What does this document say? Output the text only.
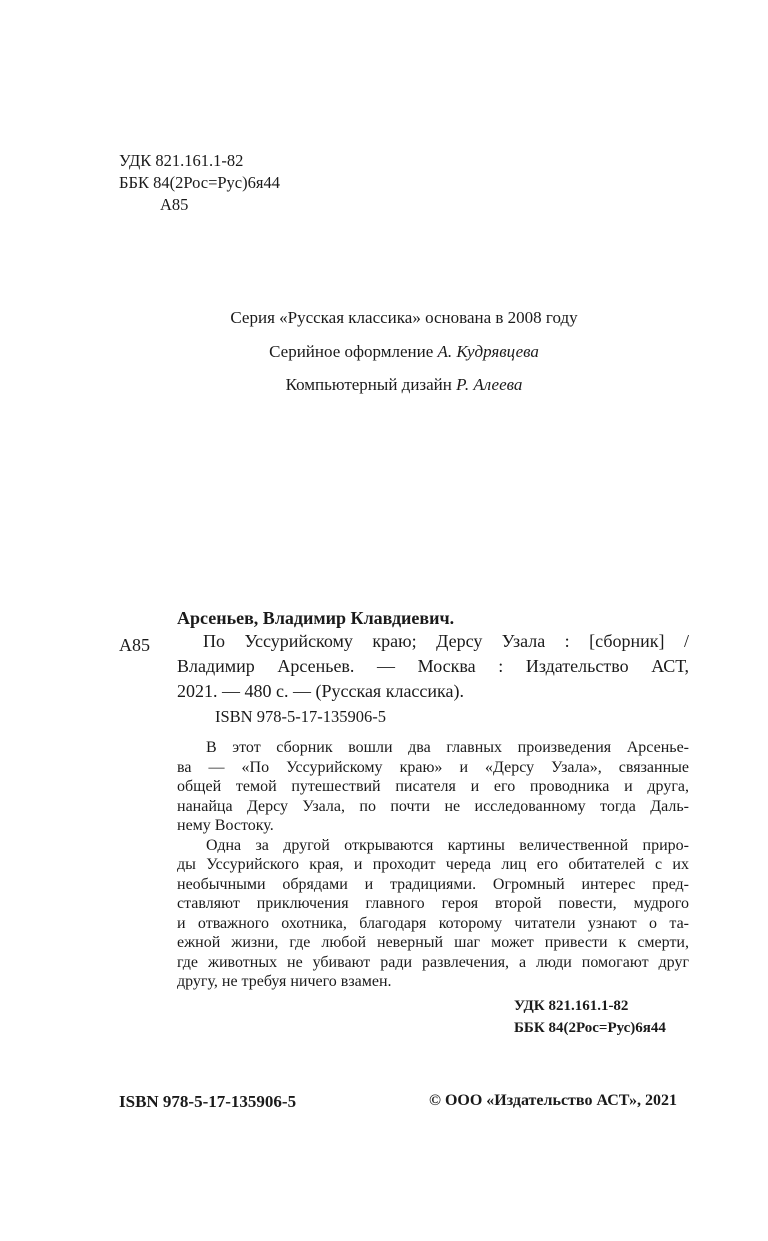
УДК 821.161.1-82
ББК 84(2Рос=Рус)6я44
А85
Серия «Русская классика» основана в 2008 году
Серийное оформление А. Кудрявцева
Компьютерный дизайн Р. Алеева
Арсеньев, Владимир Клавдиевич.
А85	По Уссурийскому краю; Дерсу Узала : [сборник] /
Владимир Арсеньев. — Москва : Издательство АСТ,
2021. — 480 с. — (Русская классика).
ISBN 978-5-17-135906-5
В этот сборник вошли два главных произведения Арсенье-
ва — «По Уссурийскому краю» и «Дерсу Узала», связанные
общей темой путешествий писателя и его проводника и друга,
нанайца Дерсу Узала, по почти не исследованному тогда Даль-
нему Востоку.
Одна за другой открываются картины величественной приро-
ды Уссурийского края, и проходит череда лиц его обитателей с их
необычными обрядами и традициями. Огромный интерес пред-
ставляют приключения главного героя второй повести, мудрого
и отважного охотника, благодаря которому читатели узнают о та-
ежной жизни, где любой неверный шаг может привести к смерти,
где животных не убивают ради развлечения, а люди помогают друг
другу, не требуя ничего взамен.
УДК 821.161.1-82
ББК 84(2Рос=Рус)6я44
ISBN 978-5-17-135906-5	© ООО «Издательство АСТ», 2021
